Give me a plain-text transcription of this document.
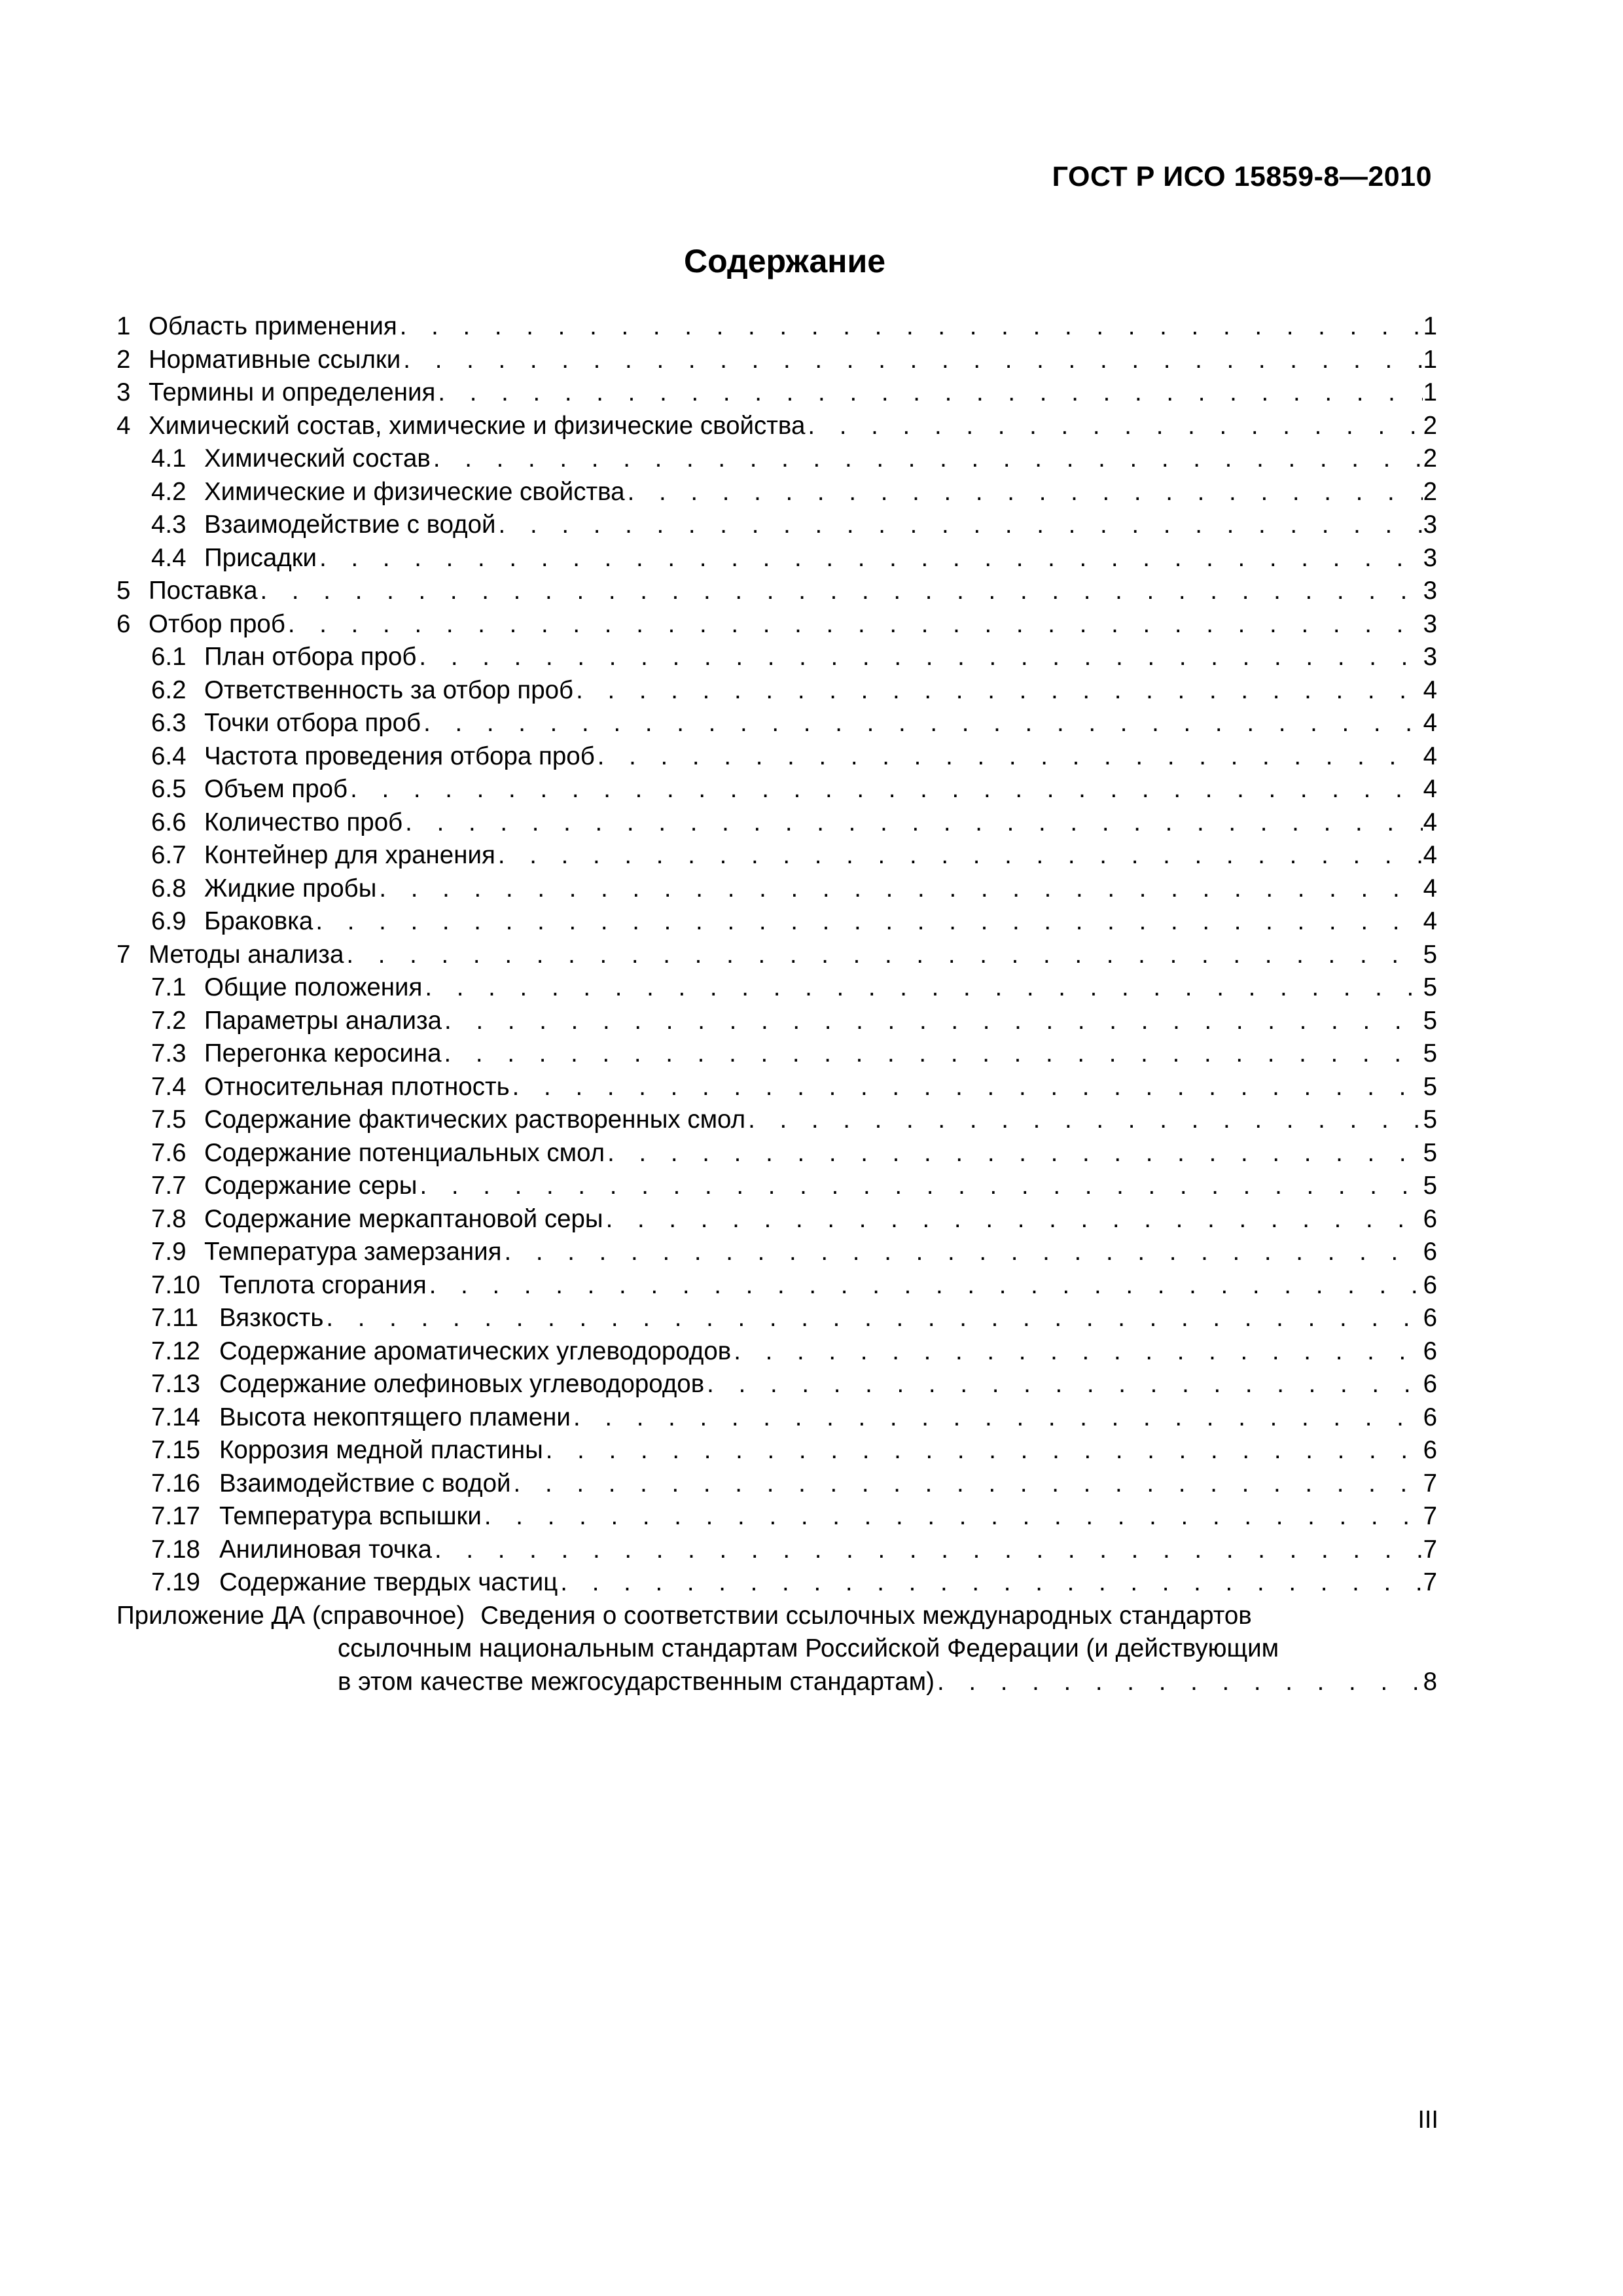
ГОСТ Р ИСО 15859-8—2010
Содержание
1 Область применения . . .	1
2 Нормативные ссылки . . .	1
3 Термины и определения . . .	1
4 Химический состав, химические и физические свойства . . .	2
4.1 Химический состав . . .	2
4.2 Химические и физические свойства . . .	2
4.3 Взаимодействие с водой . . .	3
4.4 Присадки . . .	3
5 Поставка . . .	3
6 Отбор проб . . .	3
6.1 План отбора проб . . .	3
6.2 Ответственность за отбор проб . . .	4
6.3 Точки отбора проб . . .	4
6.4 Частота проведения отбора проб . . .	4
6.5 Объем проб . . .	4
6.6 Количество проб . . .	4
6.7 Контейнер для хранения . . .	4
6.8 Жидкие пробы . . .	4
6.9 Браковка . . .	4
7 Методы анализа . . .	5
7.1 Общие положения . . .	5
7.2 Параметры анализа . . .	5
7.3 Перегонка керосина . . .	5
7.4 Относительная плотность . . .	5
7.5 Содержание фактических растворенных смол . . .	5
7.6 Содержание потенциальных смол . . .	5
7.7 Содержание серы . . .	5
7.8 Содержание меркаптановой серы . . .	6
7.9 Температура замерзания . . .	6
7.10 Теплота сгорания . . .	6
7.11 Вязкость . . .	6
7.12 Содержание ароматических углеводородов . . .	6
7.13 Содержание олефиновых углеводородов . . .	6
7.14 Высота некоптящего пламени . . .	6
7.15 Коррозия медной пластины . . .	6
7.16 Взаимодействие с водой . . .	7
7.17 Температура вспышки . . .	7
7.18 Анилиновая точка . . .	7
7.19 Содержание твердых частиц . . .	7
Приложение ДА (справочное) Сведения о соответствии ссылочных международных стандартов
ссылочным национальным стандартам Российской Федерации (и действующим
в этом качестве межгосударственным стандартам) . . .	8
III
